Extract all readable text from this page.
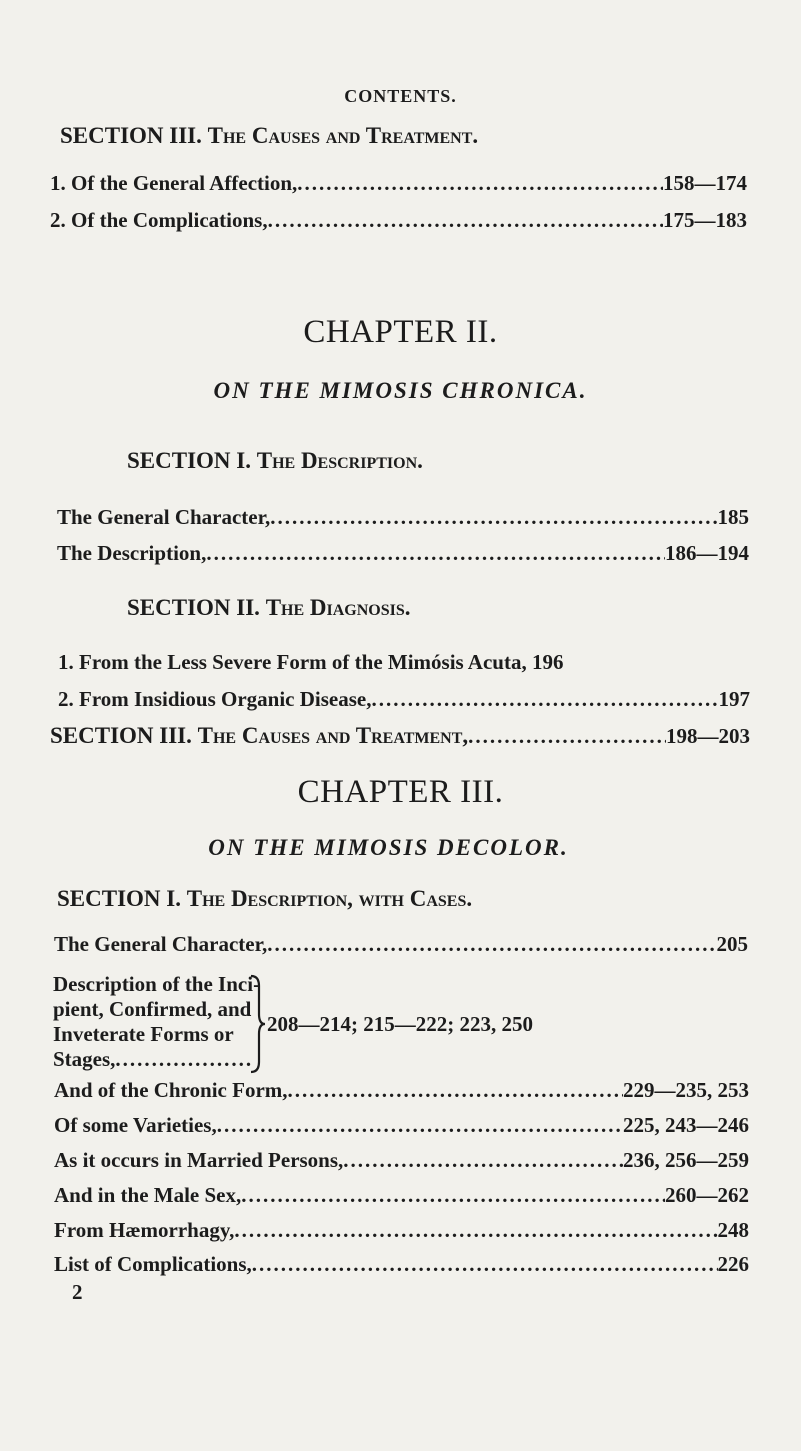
CONTENTS.
SECTION III. The Causes and Treatment.
1. Of the General Affection, .....	158—174
2. Of the Complications, .....	175—183
CHAPTER II.
ON THE MIMOSIS CHRONICA.
SECTION I. The Description.
The General Character, .....	185
The Description, .....	186—194
SECTION II. The Diagnosis.
1. From the Less Severe Form of the Mimósis Acuta, 196
2. From Insidious Organic Disease, .....	197
SECTION III. The Causes and Treatment, .....	198—203
CHAPTER III.
ON THE MIMOSIS DECOLOR.
SECTION I. The Description, with Cases.
The General Character, .....	205
Description of the Inci-
pient, Confirmed, and
Inveterate Forms or
Stages,
.....
208—214; 215—222; 223, 250
And of the Chronic Form, .....	229—235, 253
Of some Varieties, .....	225, 243—246
As it occurs in Married Persons, .....	236, 256—259
And in the Male Sex, .....	260—262
From Hæmorrhagy, .....	248
List of Complications, .....	226
2
